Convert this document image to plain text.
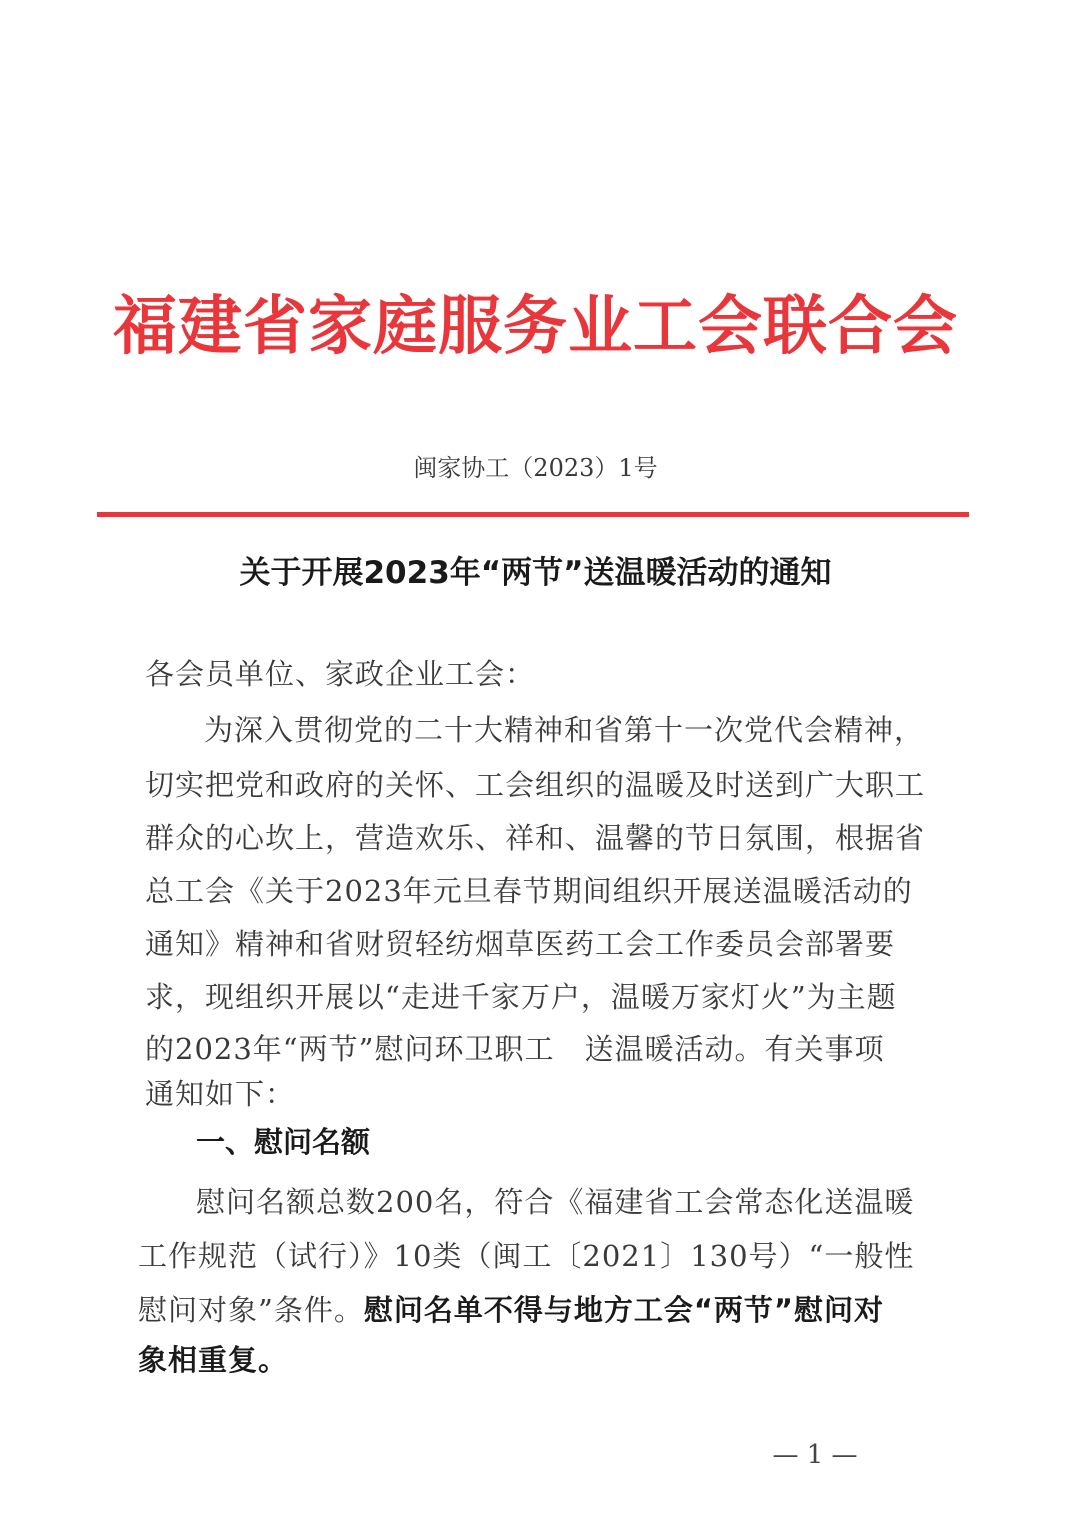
福建省家庭服务业工会联合会
闽家协工（2023）1号
关于开展2023年“两节”送温暖活动的通知
各会员单位、家政企业工会：
为深入贯彻党的二十大精神和省第十一次党代会精神，
切实把党和政府的关怀、工会组织的温暖及时送到广大职工
群众的心坎上，营造欢乐、祥和、温馨的节日氛围，根据省
总工会《关于2023年元旦春节期间组织开展送温暖活动的
通知》精神和省财贸轻纺烟草医药工会工作委员会部署要
求，现组织开展以“走进千家万户，温暖万家灯火”为主题
的2023年“两节”慰问环卫职工　送温暖活动。有关事项
通知如下：
一、慰问名额
慰问名额总数200名，符合《福建省工会常态化送温暖
工作规范（试行）》10类（闽工〔2021〕130号）“一般性
慰问对象”条件。慰问名单不得与地方工会“两节”慰问对
象相重复。
— 1 —
